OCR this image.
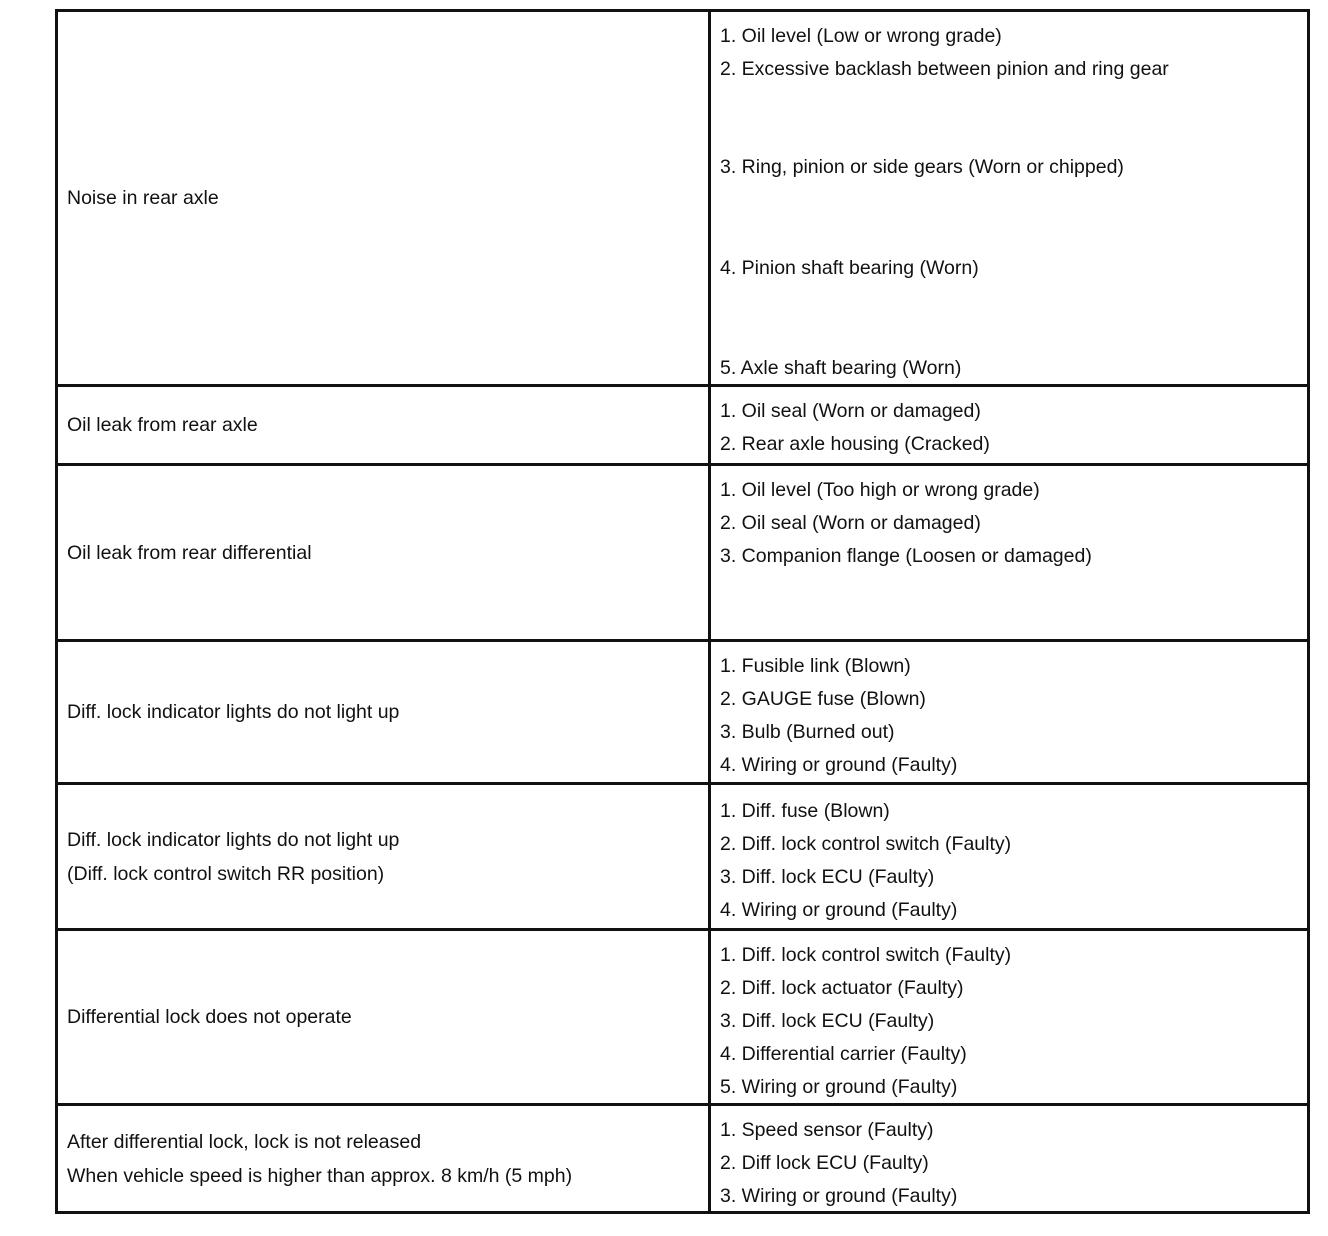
Noise in rear axle
1. Oil level (Low or wrong grade)
2. Excessive backlash between pinion and ring gear
3. Ring, pinion or side gears (Worn or chipped)
4. Pinion shaft bearing (Worn)
5. Axle shaft bearing (Worn)
Oil leak from rear axle
1. Oil seal (Worn or damaged)
2. Rear axle housing (Cracked)
Oil leak from rear differential
1. Oil level (Too high or wrong grade)
2. Oil seal (Worn or damaged)
3. Companion flange (Loosen or damaged)
Diff. lock indicator lights do not light up
1. Fusible link (Blown)
2. GAUGE fuse (Blown)
3. Bulb (Burned out)
4. Wiring or ground (Faulty)
Diff. lock indicator lights do not light up
(Diff. lock control switch RR position)
1. Diff. fuse (Blown)
2. Diff. lock control switch (Faulty)
3. Diff. lock ECU (Faulty)
4. Wiring or ground (Faulty)
Differential lock does not operate
1. Diff. lock control switch (Faulty)
2. Diff. lock actuator (Faulty)
3. Diff. lock ECU (Faulty)
4. Differential carrier (Faulty)
5. Wiring or ground (Faulty)
After differential lock, lock is not released
When vehicle speed is higher than approx. 8 km/h (5 mph)
1. Speed sensor (Faulty)
2. Diff lock ECU (Faulty)
3. Wiring or ground (Faulty)
